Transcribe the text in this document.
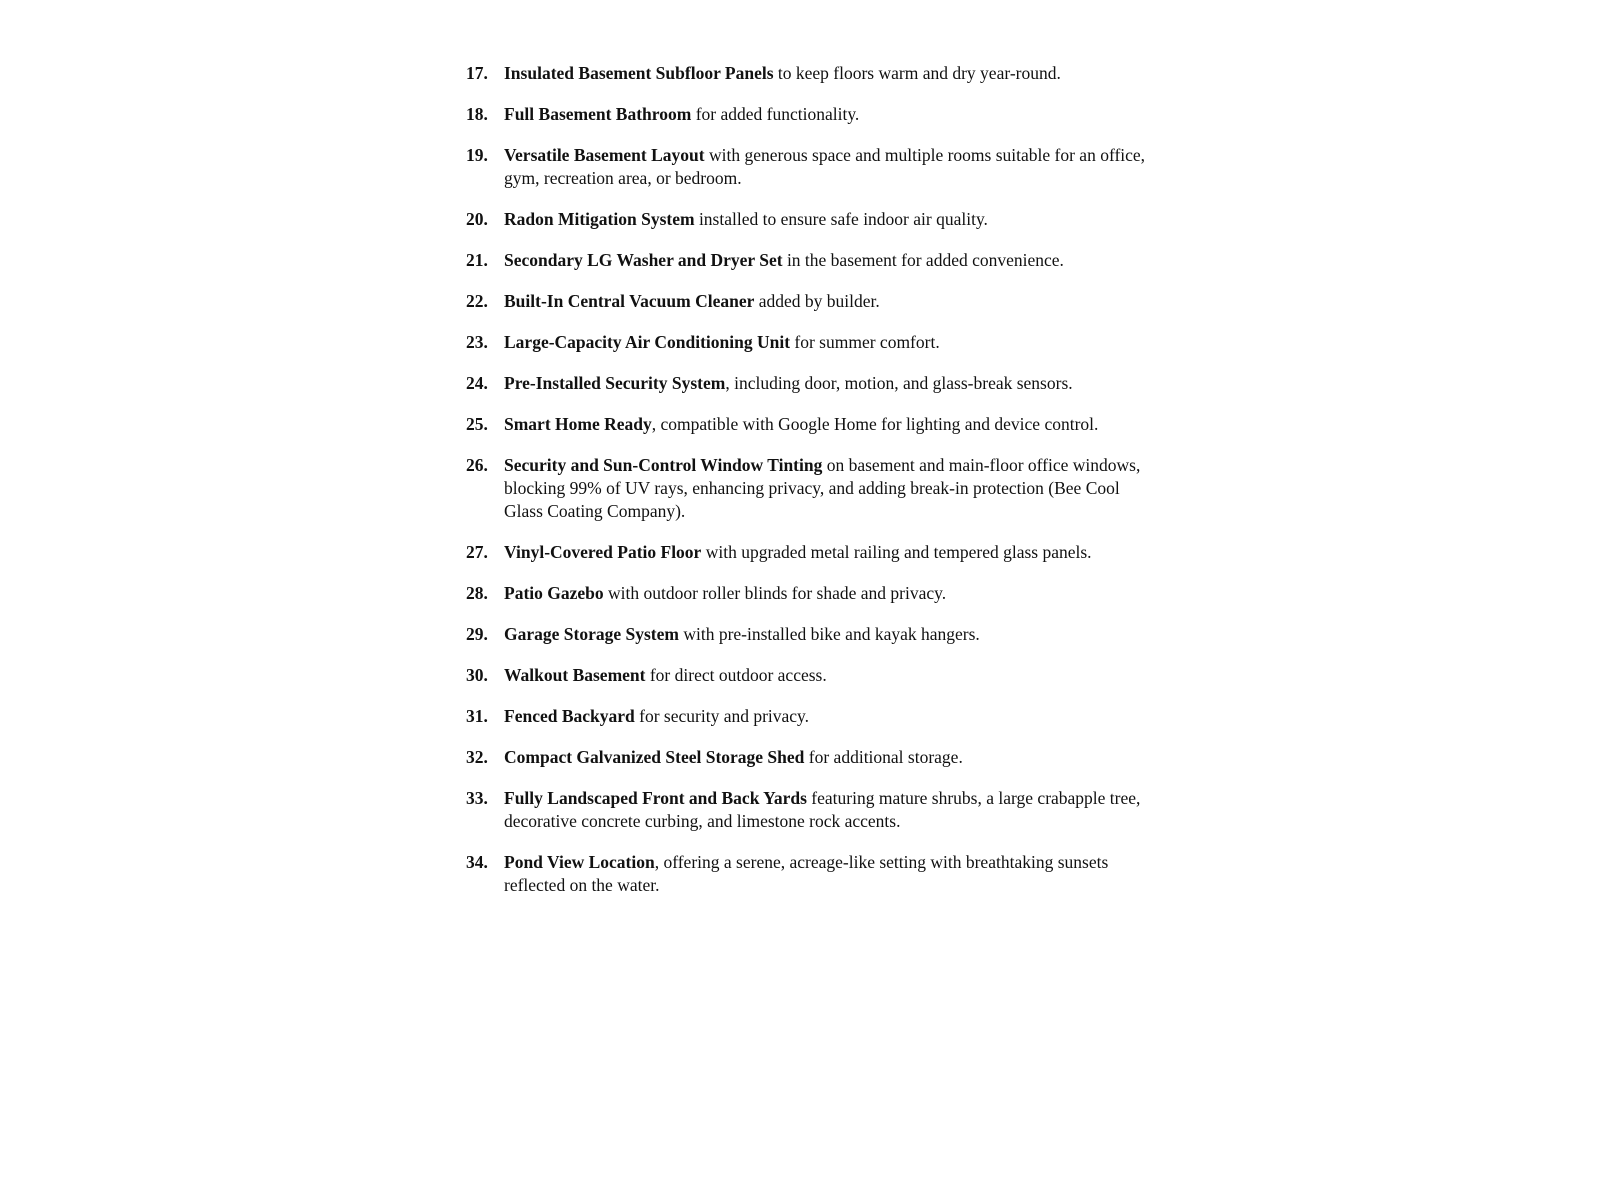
17. Insulated Basement Subfloor Panels to keep floors warm and dry year-round.
18. Full Basement Bathroom for added functionality.
19. Versatile Basement Layout with generous space and multiple rooms suitable for an office, gym, recreation area, or bedroom.
20. Radon Mitigation System installed to ensure safe indoor air quality.
21. Secondary LG Washer and Dryer Set in the basement for added convenience.
22. Built-In Central Vacuum Cleaner added by builder.
23. Large-Capacity Air Conditioning Unit for summer comfort.
24. Pre-Installed Security System, including door, motion, and glass-break sensors.
25. Smart Home Ready, compatible with Google Home for lighting and device control.
26. Security and Sun-Control Window Tinting on basement and main-floor office windows, blocking 99% of UV rays, enhancing privacy, and adding break-in protection (Bee Cool Glass Coating Company).
27. Vinyl-Covered Patio Floor with upgraded metal railing and tempered glass panels.
28. Patio Gazebo with outdoor roller blinds for shade and privacy.
29. Garage Storage System with pre-installed bike and kayak hangers.
30. Walkout Basement for direct outdoor access.
31. Fenced Backyard for security and privacy.
32. Compact Galvanized Steel Storage Shed for additional storage.
33. Fully Landscaped Front and Back Yards featuring mature shrubs, a large crabapple tree, decorative concrete curbing, and limestone rock accents.
34. Pond View Location, offering a serene, acreage-like setting with breathtaking sunsets reflected on the water.
